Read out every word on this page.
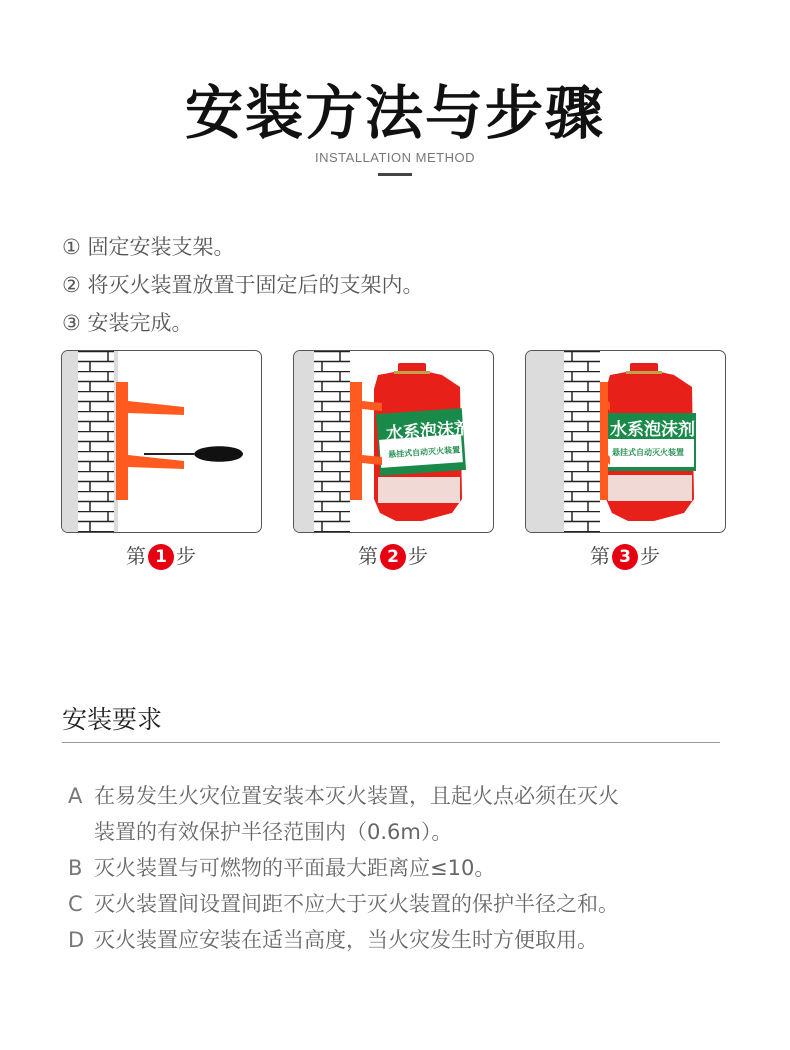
安装方法与步骤
INSTALLATION METHOD
① 固定安装支架。
② 将灭火装置放置于固定后的支架内。
③ 安装完成。
水系泡沫剂
悬挂式自动灭火装置
水系泡沫剂
悬挂式自动灭火装置
第 1 步	第 2 步	第 3 步
安装要求
A 在易发生火灾位置安装本灭火装置，且起火点必须在灭火
装置的有效保护半径范围内（0.6m）。
B 灭火装置与可燃物的平面最大距离应≤10。
C 灭火装置间设置间距不应大于灭火装置的保护半径之和。
D 灭火装置应安装在适当高度，当火灾发生时方便取用。
